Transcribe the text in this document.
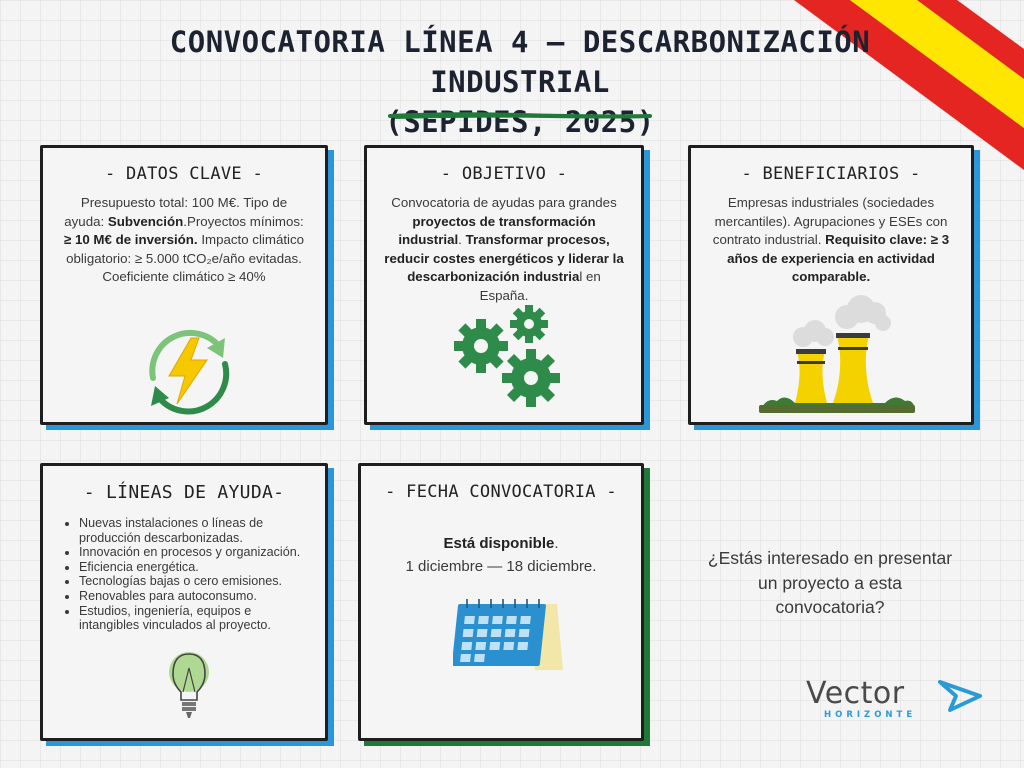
CONVOCATORIA LÍNEA 4 – DESCARBONIZACIÓN INDUSTRIAL
(SEPIDES, 2025)
- DATOS CLAVE -

Presupuesto total: 100 M€. Tipo de ayuda: Subvención.Proyectos mínimos: ≥ 10 M€ de inversión. Impacto climático obligatorio: ≥ 5.000 tCO₂e/año evitadas. Coeficiente climático ≥ 40%

- OBJETIVO -

Convocatoria de ayudas para grandes proyectos de transformación industrial. Transformar procesos, reducir costes energéticos y liderar la descarbonización industrial en España.

- BENEFICIARIOS -

Empresas industriales (sociedades mercantiles). Agrupaciones y ESEs con contrato industrial. Requisito clave: ≥ 3 años de experiencia en actividad comparable.

- LÍNEAS DE AYUDA-
• Nuevas instalaciones o líneas de producción descarbonizadas.
• Innovación en procesos y organización.
• Eficiencia energética.
• Tecnologías bajas o cero emisiones.
• Renovables para autoconsumo.
• Estudios, ingeniería, equipos e intangibles vinculados al proyecto.
- FECHA CONVOCATORIA -

Está disponible.
1 diciembre — 18 diciembre.	¿Estás interesado en presentar un proyecto a esta convocatoria?

Vector
HORIZONTE
